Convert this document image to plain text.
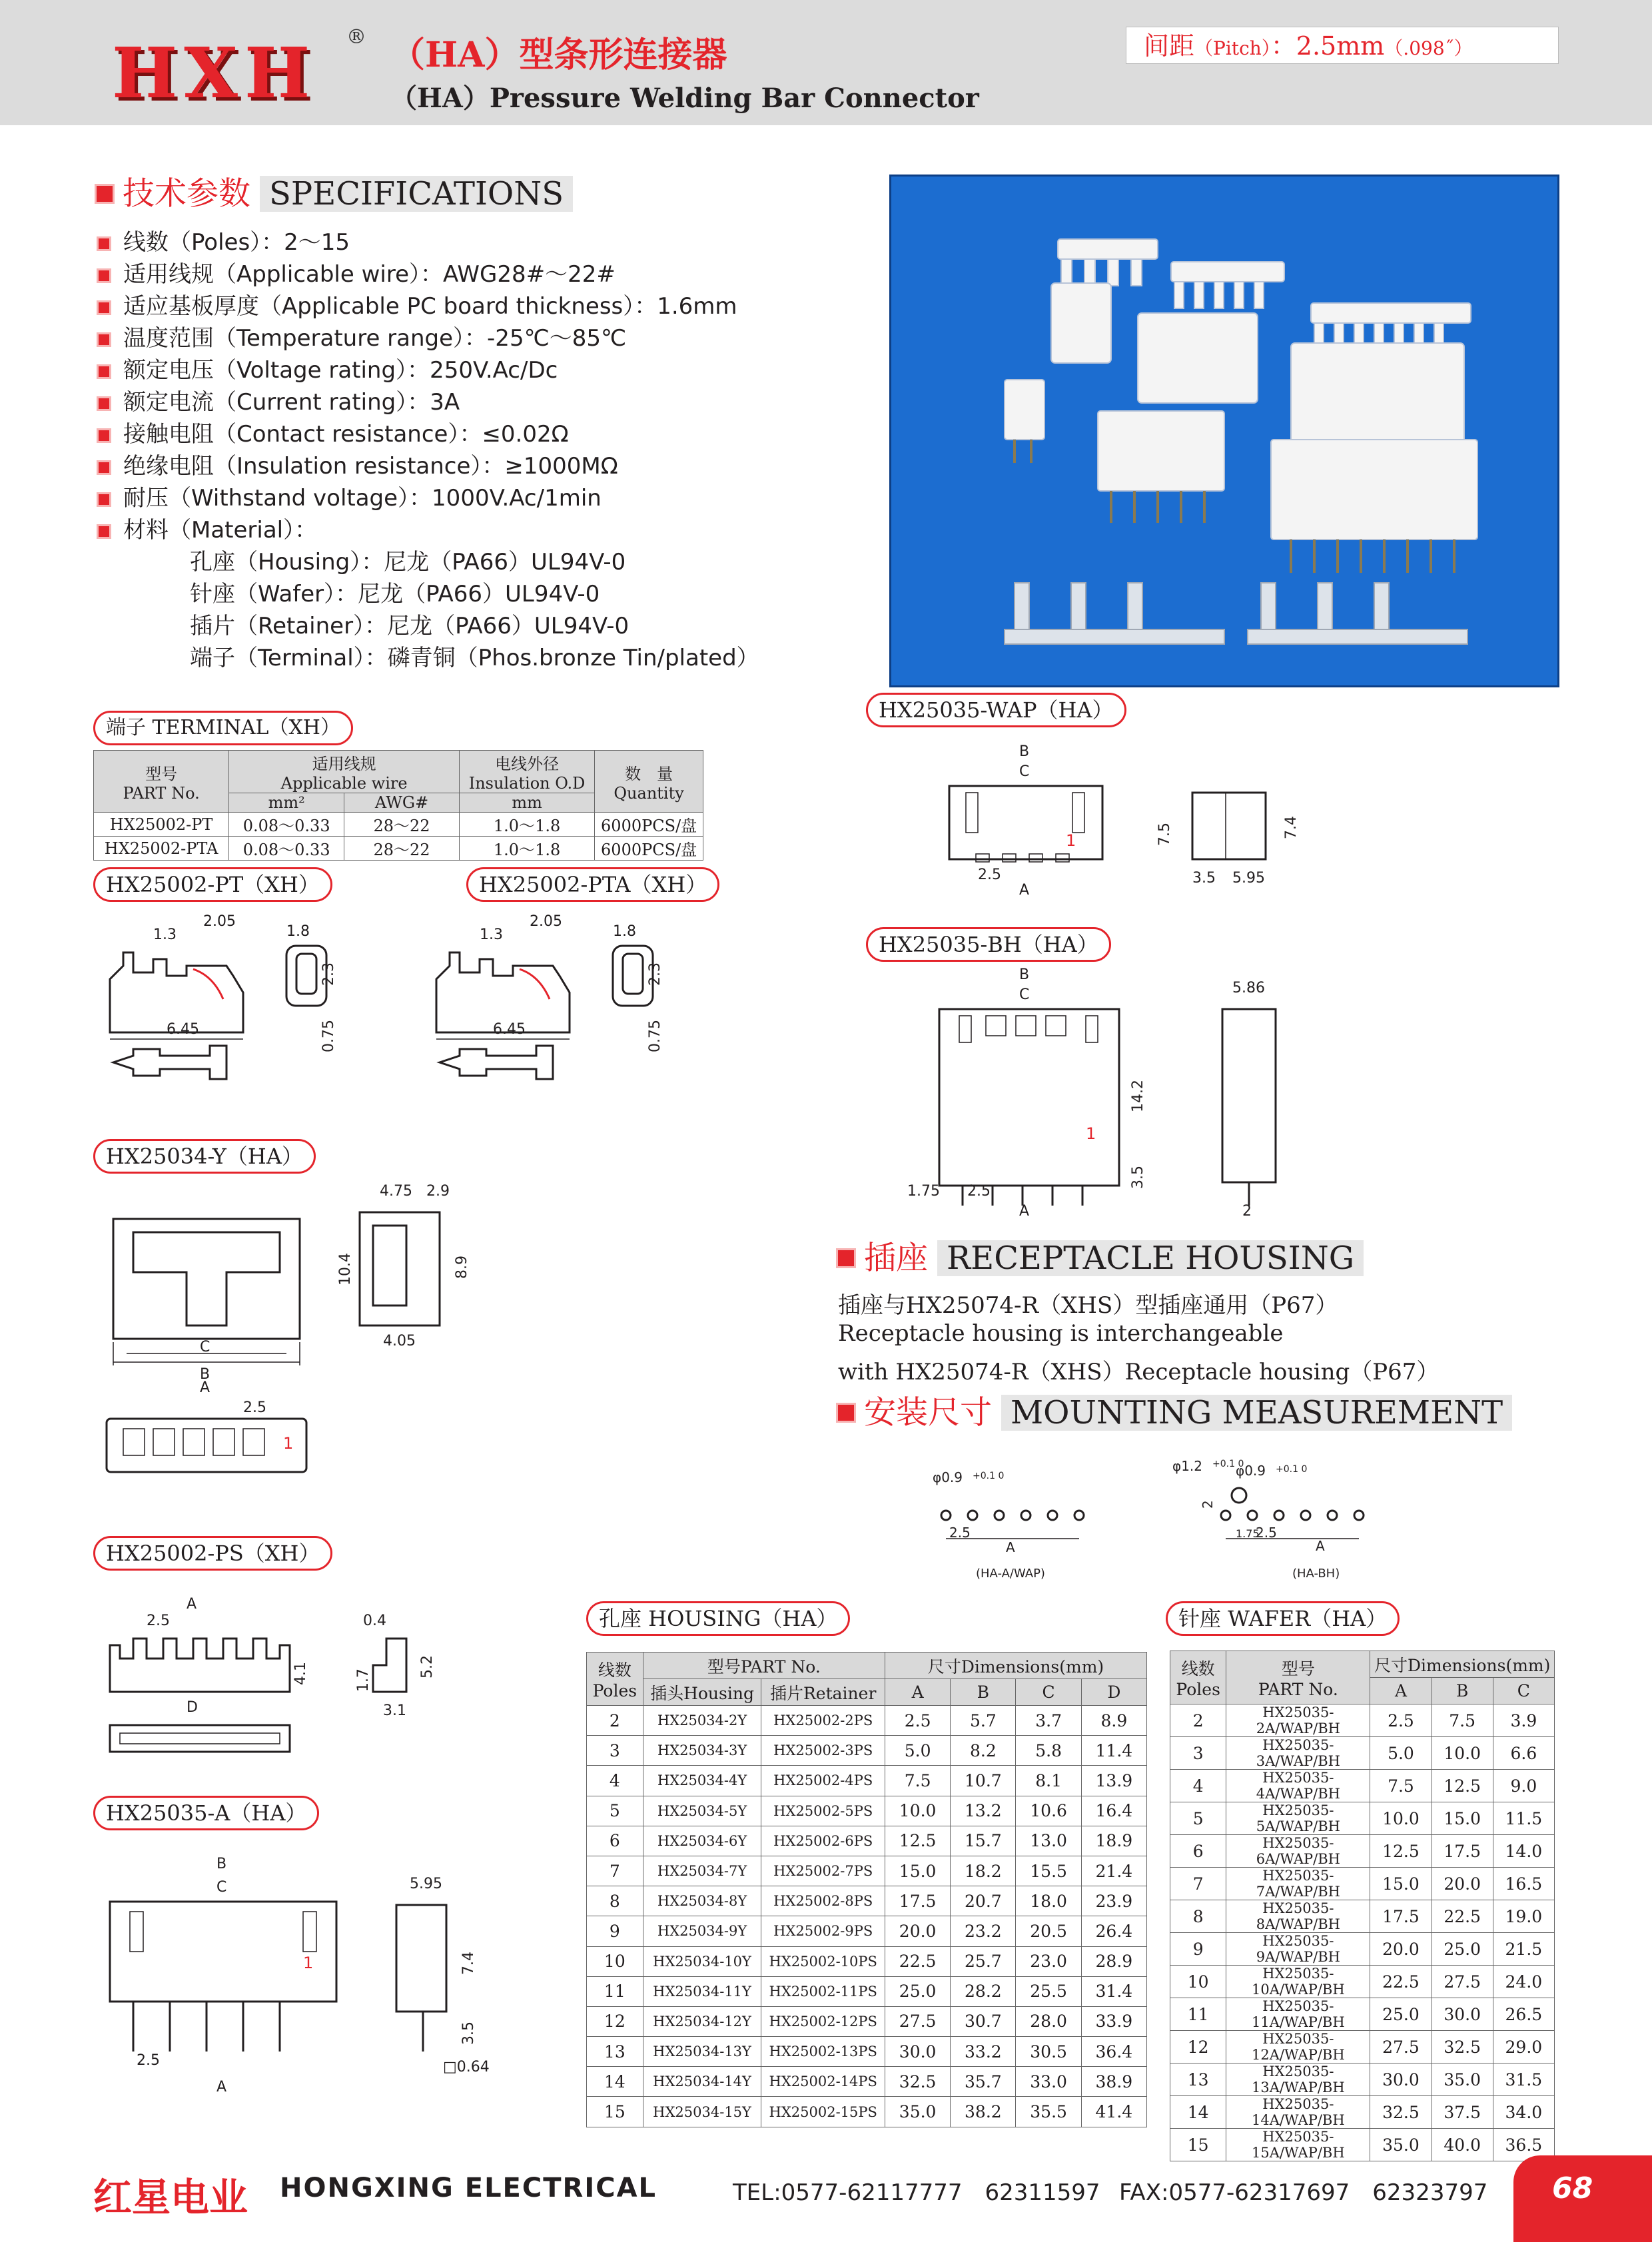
HXH ® （HA）型条形连接器
（HA）Pressure Welding Bar Connector
间距（Pitch）：2.5mm（.098˝）
技术参数 SPECIFICATIONS
线数（Poles）：2～15
适用线规（Applicable wire）：AWG28#～22#
适应基板厚度（Applicable PC board thickness）：1.6mm
温度范围（Temperature range）：-25℃～85℃
额定电压（Voltage rating）：250V.Ac/Dc
额定电流（Current rating）：3A
接触电阻（Contact resistance）：≤0.02Ω
绝缘电阻（Insulation resistance）：≥1000MΩ
耐压（Withstand voltage）：1000V.Ac/1min
材料（Material）：
孔座（Housing）：尼龙（PA66）UL94V-0
针座（Wafer）：尼龙（PA66）UL94V-0
插片（Retainer）：尼龙（PA66）UL94V-0
端子（Terminal）：磷青铜（Phos.bronze Tin/plated）
端子 TERMINAL（XH）
型号
PART No.	适用线规
Applicable wire		电线外径
Insulation O.D	数　量
Quantity
	mm²	AWG#	mm	
HX25002-PT	0.08～0.33	28～22	1.0～1.8	6000PCS/盘
HX25002-PTA	0.08～0.33	28～22	1.0～1.8	6000PCS/盘
HX25002-PT（XH）	HX25002-PTA（XH）
1.3
2.05
1.8
2.3
6.45	0.75
1.3
2.05
1.8
2.3
6.45	0.75
HX25034-Y（HA）
C
B
4.75 2.9
10.4	8.9
4.05
A
2.5
1
HX25002-PS（XH）
A
2.5
D
0.4
5.2
1.7
3.1
4.1
HX25035-A（HA）
B
C
1
2.5
A
5.95
7.4
3.5
□0.64
HX25035-WAP（HA）
B
C
1
2.5
A
7.5	7.4
3.5 5.95
HX25035-BH（HA）
B
C
1
14.2
3.5
1.75 2.5
A
5.86
2
插座 RECEPTACLE HOUSING
插座与HX25074-R（XHS）型插座通用（P67）
Receptacle housing is interchangeable
with HX25074-R（XHS）Receptacle housing（P67）
安装尺寸 MOUNTING MEASUREMENT
φ0.9 +0.1 0
2.5
A
(HA-A/WAP)
φ1.2 +0.1 0
φ0.9 +0.1 0
2
1.75
2.5
A
(HA-BH)
孔座 HOUSING（HA）
线数
Poles	型号PART No.		尺寸Dimensions(mm)			
	插头Housing	插片Retainer	A	B	C	D
2	HX25034-2Y	HX25002-2PS	2.5	5.7	3.7	8.9
3	HX25034-3Y	HX25002-3PS	5.0	8.2	5.8	11.4
4	HX25034-4Y	HX25002-4PS	7.5	10.7	8.1	13.9
5	HX25034-5Y	HX25002-5PS	10.0	13.2	10.6	16.4
6	HX25034-6Y	HX25002-6PS	12.5	15.7	13.0	18.9
7	HX25034-7Y	HX25002-7PS	15.0	18.2	15.5	21.4
8	HX25034-8Y	HX25002-8PS	17.5	20.7	18.0	23.9
9	HX25034-9Y	HX25002-9PS	20.0	23.2	20.5	26.4
10	HX25034-10Y	HX25002-10PS	22.5	25.7	23.0	28.9
11	HX25034-11Y	HX25002-11PS	25.0	28.2	25.5	31.4
12	HX25034-12Y	HX25002-12PS	27.5	30.7	28.0	33.9
13	HX25034-13Y	HX25002-13PS	30.0	33.2	30.5	36.4
14	HX25034-14Y	HX25002-14PS	32.5	35.7	33.0	38.9
15	HX25034-15Y	HX25002-15PS	35.0	38.2	35.5	41.4
针座 WAFER（HA）
线数
Poles	型号
PART No.	尺寸Dimensions(mm)		
		A	B	C
2	HX25035-2A/WAP/BH	2.5	7.5	3.9
3	HX25035-3A/WAP/BH	5.0	10.0	6.6
4	HX25035-4A/WAP/BH	7.5	12.5	9.0
5	HX25035-5A/WAP/BH	10.0	15.0	11.5
6	HX25035-6A/WAP/BH	12.5	17.5	14.0
7	HX25035-7A/WAP/BH	15.0	20.0	16.5
8	HX25035-8A/WAP/BH	17.5	22.5	19.0
9	HX25035-9A/WAP/BH	20.0	25.0	21.5
10	HX25035-10A/WAP/BH	22.5	27.5	24.0
11	HX25035-11A/WAP/BH	25.0	30.0	26.5
12	HX25035-12A/WAP/BH	27.5	32.5	29.0
13	HX25035-13A/WAP/BH	30.0	35.0	31.5
14	HX25035-14A/WAP/BH	32.5	37.5	34.0
15	HX25035-15A/WAP/BH	35.0	40.0	36.5
红星电业 HONGXING ELECTRICAL	TEL:0577-62117777　62311597 FAX:0577-62317697　62323797 68
